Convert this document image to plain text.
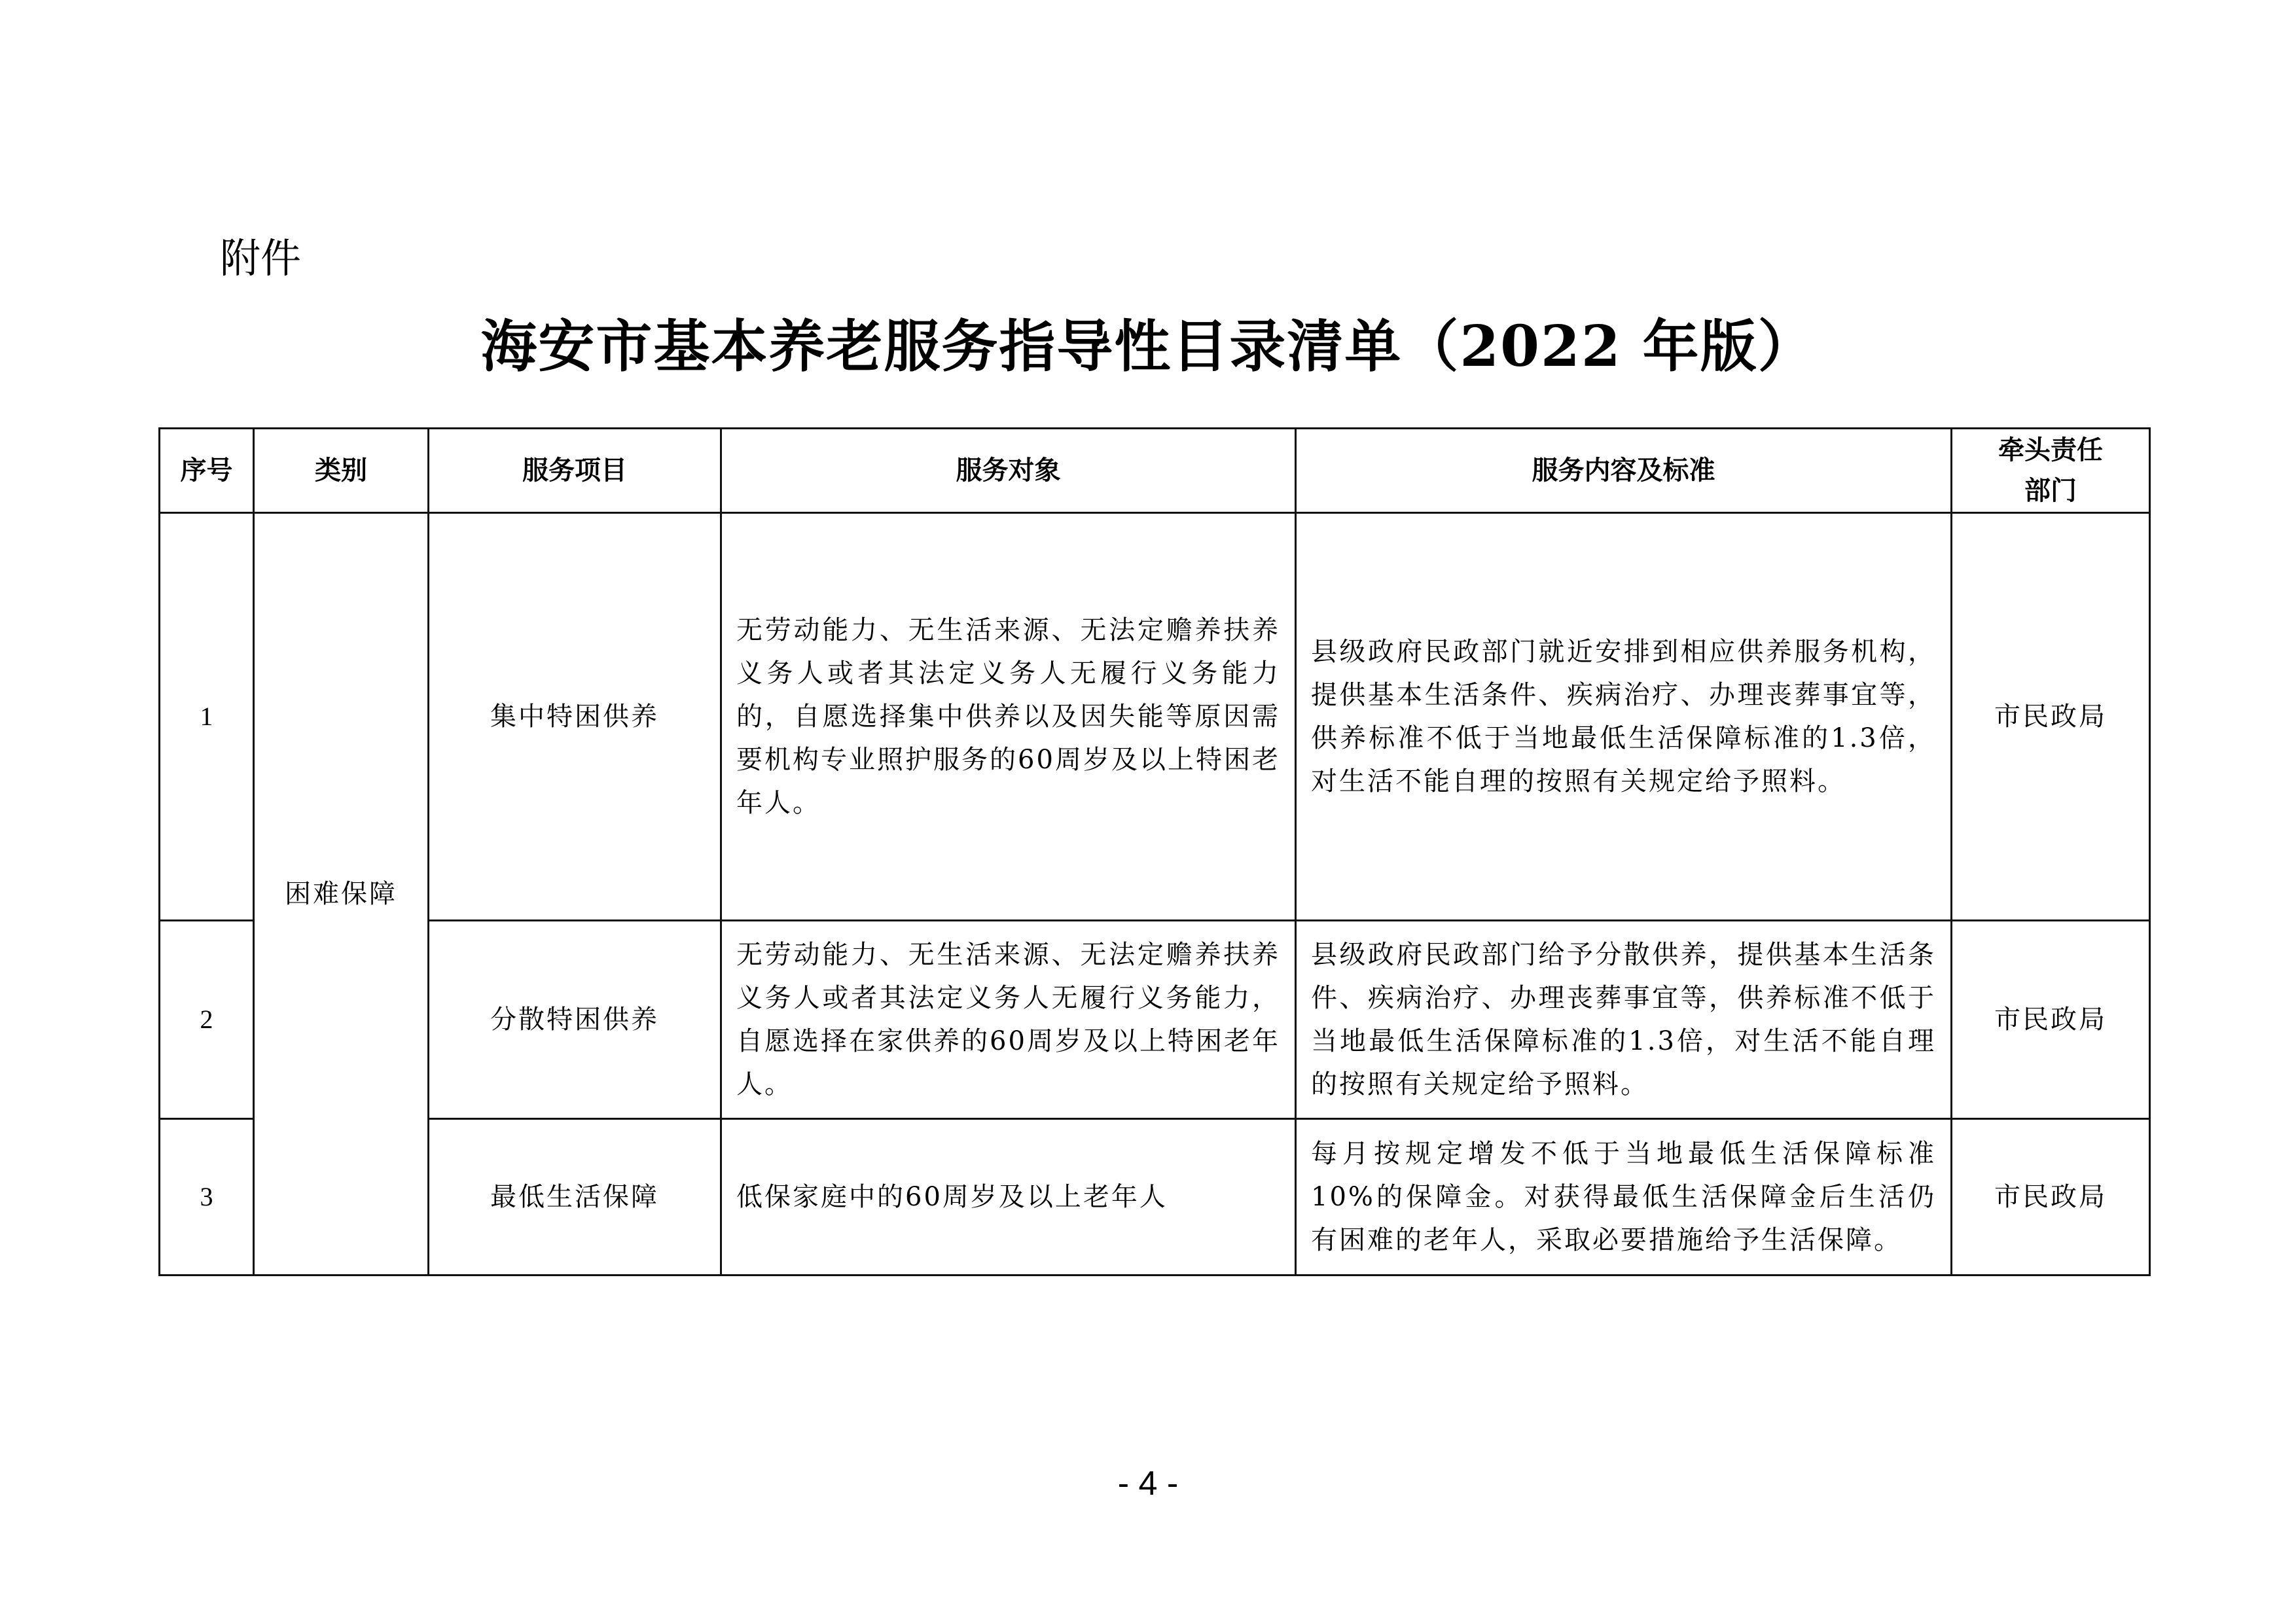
附件
海安市基本养老服务指导性目录清单（2022 年版）
序号	类别	服务项目	服务对象	服务内容及标准	牵头责任
部门

1	困难保障	集中特困供养	无劳动能力、无生活来源、无法定赡养扶养义务人或者其法定义务人无履行义务能力的，自愿选择集中供养以及因失能等原因需要机构专业照护服务的60周岁及以上特困老年人。	县级政府民政部门就近安排到相应供养服务机构，提供基本生活条件、疾病治疗、办理丧葬事宜等，供养标准不低于当地最低生活保障标准的1.3倍，对生活不能自理的按照有关规定给予照料。	市民政局
2		分散特困供养	无劳动能力、无生活来源、无法定赡养扶养义务人或者其法定义务人无履行义务能力，自愿选择在家供养的60周岁及以上特困老年人。	县级政府民政部门给予分散供养，提供基本生活条件、疾病治疗、办理丧葬事宜等，供养标准不低于当地最低生活保障标准的1.3倍，对生活不能自理的按照有关规定给予照料。	市民政局
3		最低生活保障	低保家庭中的60周岁及以上老年人	每月按规定增发不低于当地最低生活保障标准10%的保障金。对获得最低生活保障金后生活仍有困难的老年人，采取必要措施给予生活保障。	市民政局
- 4 -
